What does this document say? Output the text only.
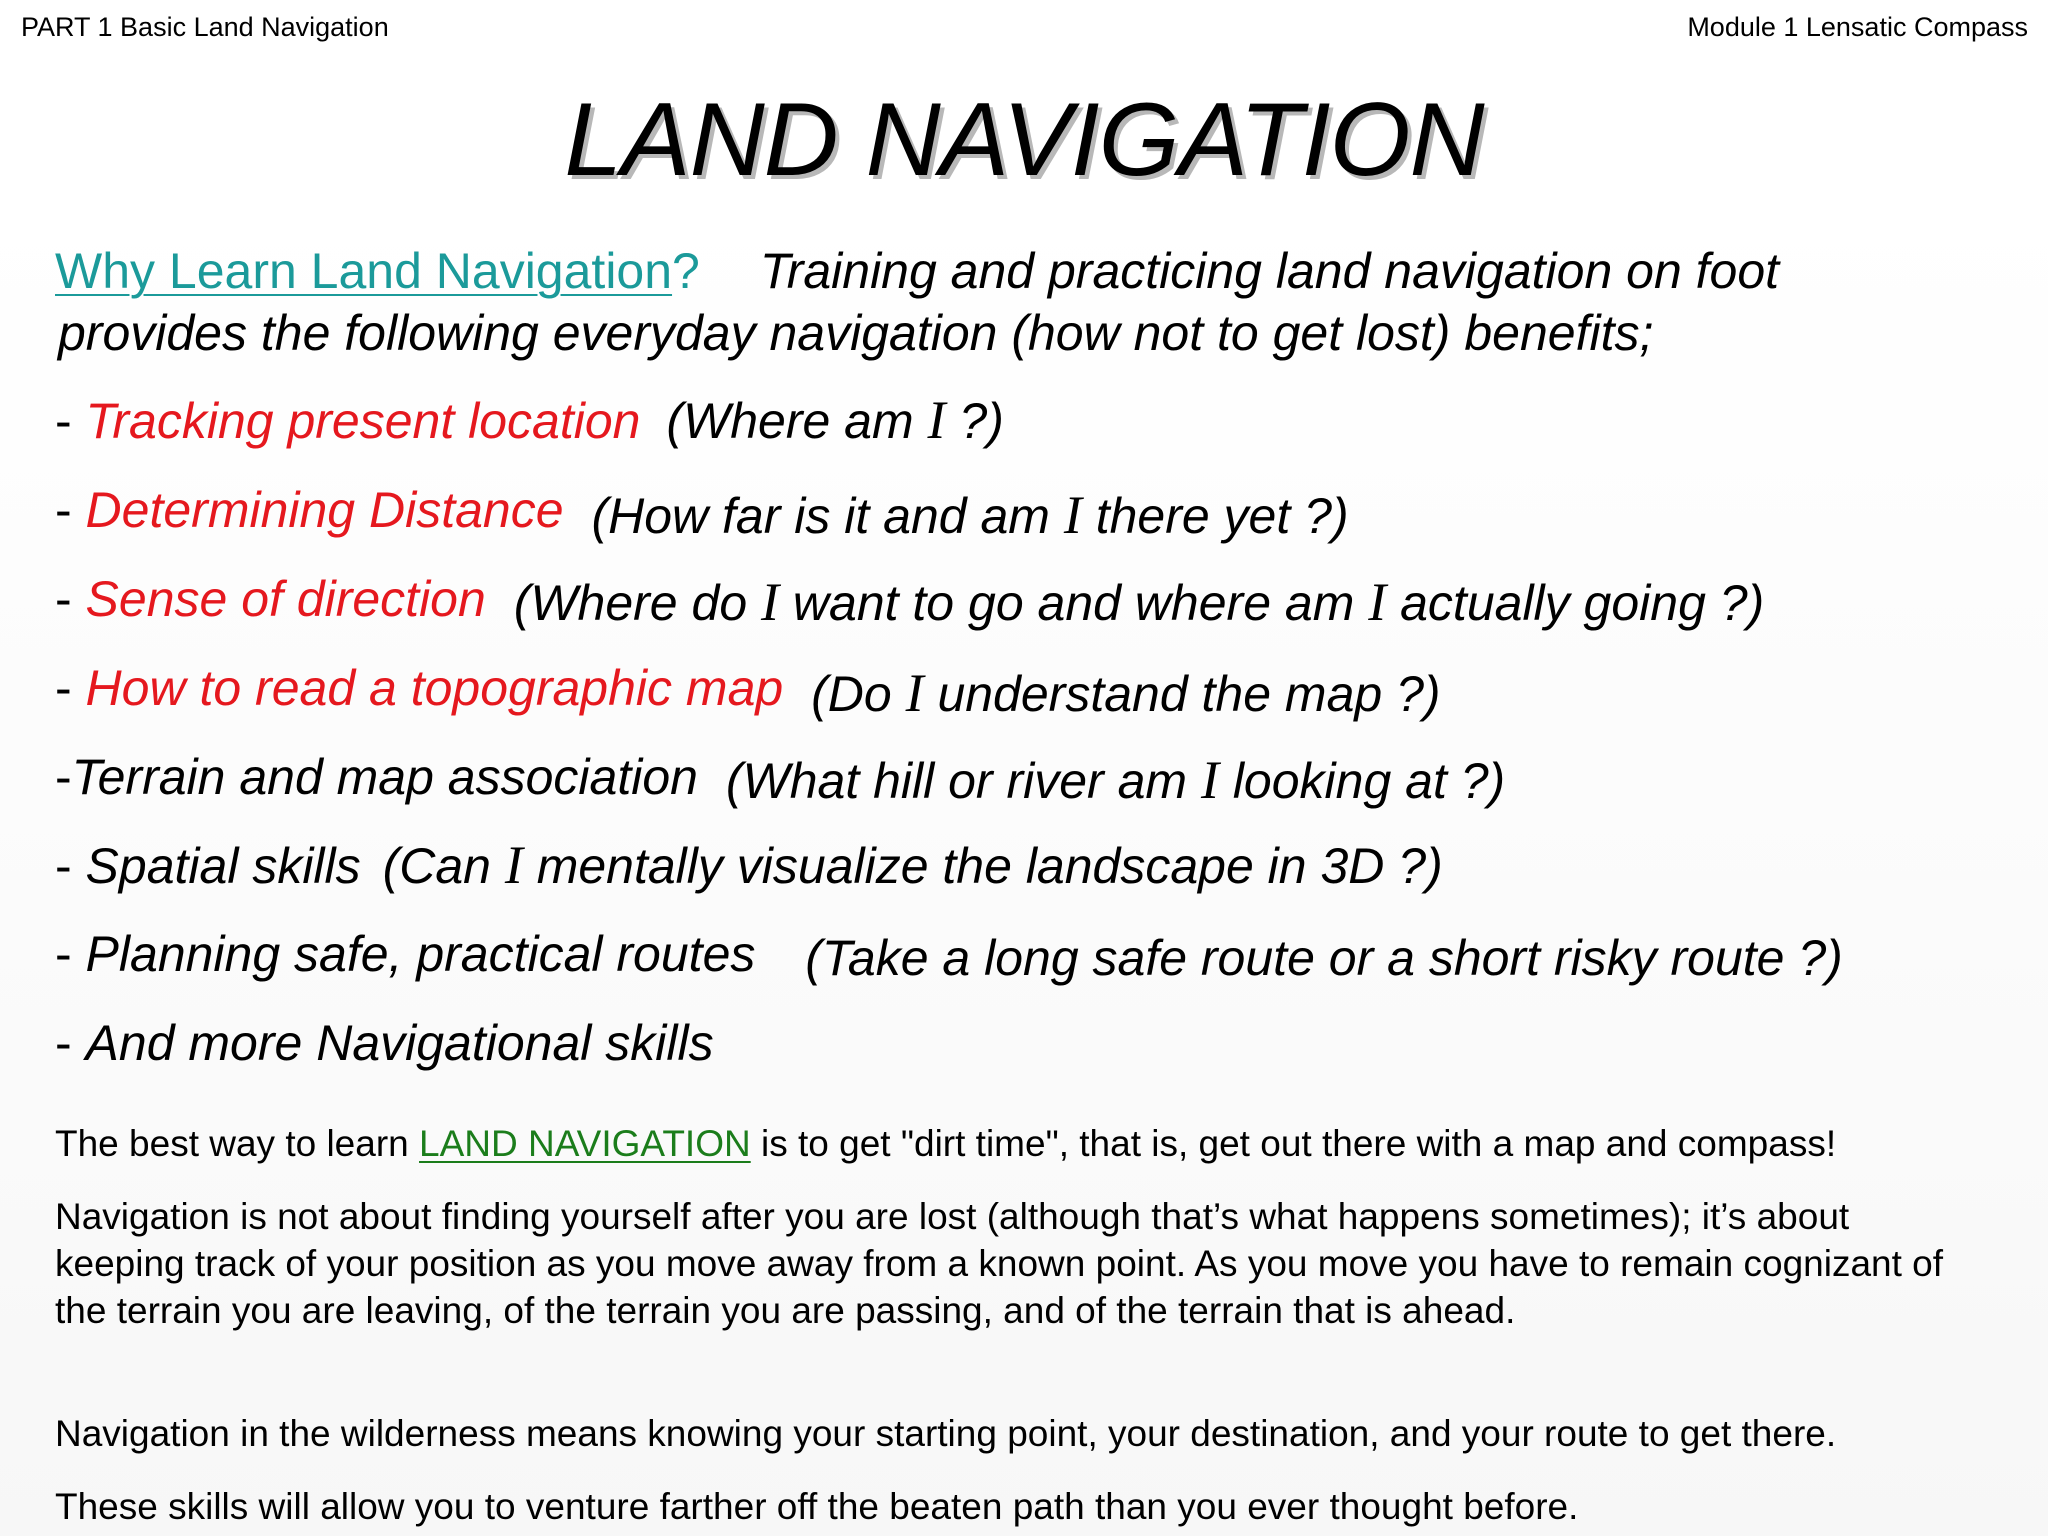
PART 1 Basic Land Navigation	Module 1 Lensatic Compass
LAND NAVIGATION
Why Learn Land Navigation? Training and practicing land navigation on foot
provides the following everyday navigation (how not to get lost) benefits;
- Tracking present location (Where am I ?)
- Determining Distance (How far is it and am I there yet ?)
- Sense of direction (Where do I want to go and where am I actually going ?)
- How to read a topographic map (Do I understand the map ?)
-Terrain and map association (What hill or river am I looking at ?)
- Spatial skills (Can I mentally visualize the landscape in 3D ?)
- Planning safe, practical routes (Take a long safe route or a short risky route ?)
- And more Navigational skills
The best way to learn LAND NAVIGATION is to get "dirt time", that is, get out there with a map and compass!
Navigation is not about finding yourself after you are lost (although that’s what happens sometimes); it’s about keeping track of your position as you move away from a known point. As you move you have to remain cognizant of the terrain you are leaving, of the terrain you are passing, and of the terrain that is ahead.
Navigation in the wilderness means knowing your starting point, your destination, and your route to get there.
These skills will allow you to venture farther off the beaten path than you ever thought before.
